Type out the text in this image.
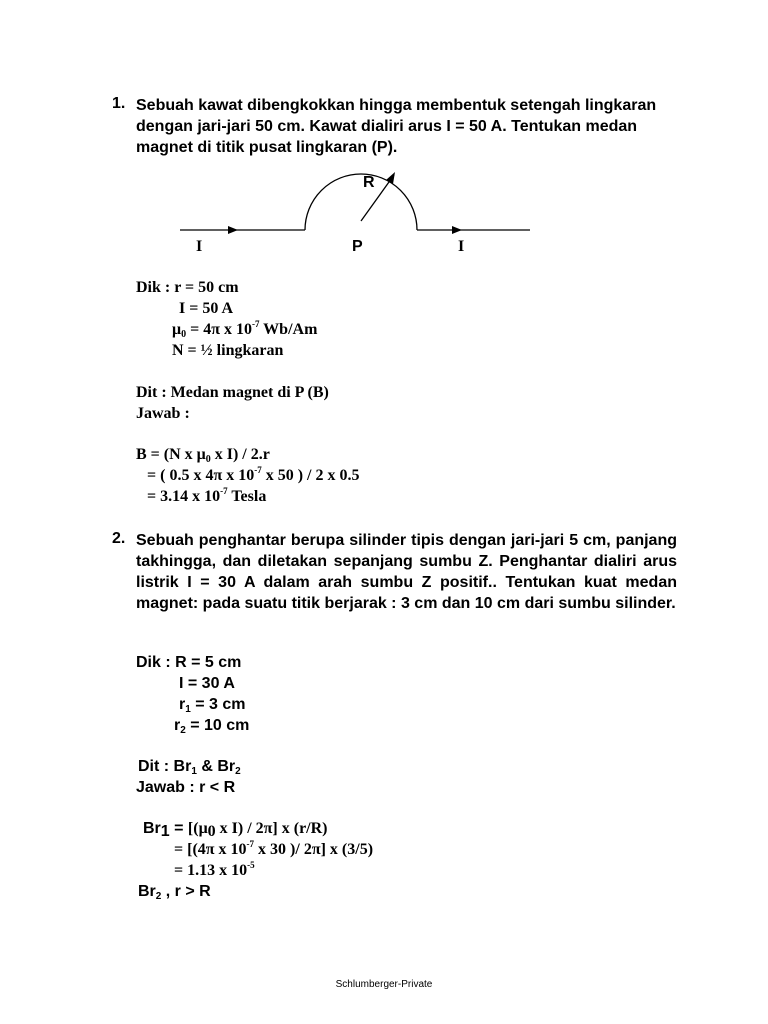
1. Sebuah kawat dibengkokkan hingga membentuk setengah lingkaran dengan jari-jari 50 cm. Kawat dialiri arus I = 50 A. Tentukan medan magnet di titik pusat lingkaran (P).
R
P
I	I
Dik : r = 50 cm
I = 50 A
$\mu_0 = 4\pi$ x $10^{-7}$ Wb/Am
N = ½ lingkaran
Dit : Medan magnet di P (B)
Jawab :
B = (N x $\mu_0$ x I) / 2.r
= ( 0.5 x 4π x $10^{-7}$ x 50 ) / 2 x 0.5
= 3.14 x $10^{-7}$ Tesla
2. Sebuah penghantar berupa silinder tipis dengan jari-jari 5 cm, panjang takhingga, dan diletakan sepanjang sumbu Z. Penghantar dialiri arus listrik I = 30 A dalam arah sumbu Z positif.. Tentukan kuat medan magnet: pada suatu titik berjarak : 3 cm dan 10 cm dari sumbu silinder.
Dik : R = 5 cm
I = 30 A
$r_1 = 3$ cm
$r_2 = 10$ cm
Dit : $Br_1$ & $Br_2$
Jawab : r < R
$Br_1 = [(\mu_0$ x I) / 2π] x (r/R)
= [(4π x $10^{-7}$ x 30 )/ 2π] x (3/5)
= 1.13 x $10^{-5}$
$Br_2$ , r > R
Schlumberger-Private
